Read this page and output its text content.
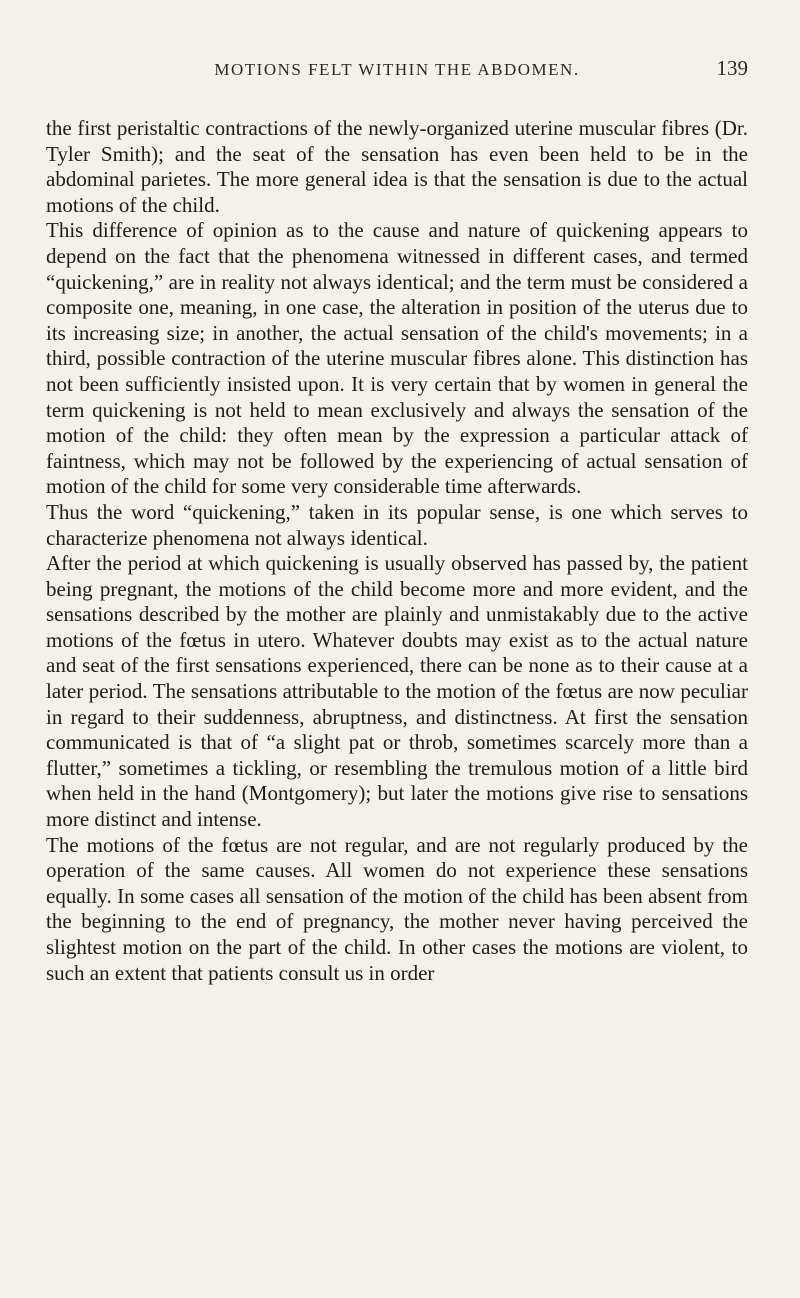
MOTIONS FELT WITHIN THE ABDOMEN.	139

the first peristaltic contractions of the newly-organized uterine muscular fibres (Dr. Tyler Smith); and the seat of the sensation has even been held to be in the abdominal parietes. The more general idea is that the sensation is due to the actual motions of the child.

This difference of opinion as to the cause and nature of quickening appears to depend on the fact that the phenomena witnessed in different cases, and termed “quickening,” are in reality not always identical; and the term must be considered a composite one, meaning, in one case, the alteration in position of the uterus due to its increasing size; in another, the actual sensation of the child's movements; in a third, possible contraction of the uterine muscular fibres alone. This distinction has not been sufficiently insisted upon. It is very certain that by women in general the term quickening is not held to mean exclusively and always the sensation of the motion of the child: they often mean by the expression a particular attack of faintness, which may not be followed by the experiencing of actual sensation of motion of the child for some very considerable time afterwards.

Thus the word “quickening,” taken in its popular sense, is one which serves to characterize phenomena not always identical.

After the period at which quickening is usually observed has passed by, the patient being pregnant, the motions of the child become more and more evident, and the sensations described by the mother are plainly and unmistakably due to the active motions of the fœtus in utero. Whatever doubts may exist as to the actual nature and seat of the first sensations experienced, there can be none as to their cause at a later period. The sensations attributable to the motion of the fœtus are now peculiar in regard to their suddenness, abruptness, and distinctness. At first the sensation communicated is that of “a slight pat or throb, sometimes scarcely more than a flutter,” sometimes a tickling, or resembling the tremulous motion of a little bird when held in the hand (Montgomery); but later the motions give rise to sensations more distinct and intense.

The motions of the fœtus are not regular, and are not regularly produced by the operation of the same causes. All women do not experience these sensations equally. In some cases all sensation of the motion of the child has been absent from the beginning to the end of pregnancy, the mother never having perceived the slightest motion on the part of the child. In other cases the motions are violent, to such an extent that patients consult us in order
